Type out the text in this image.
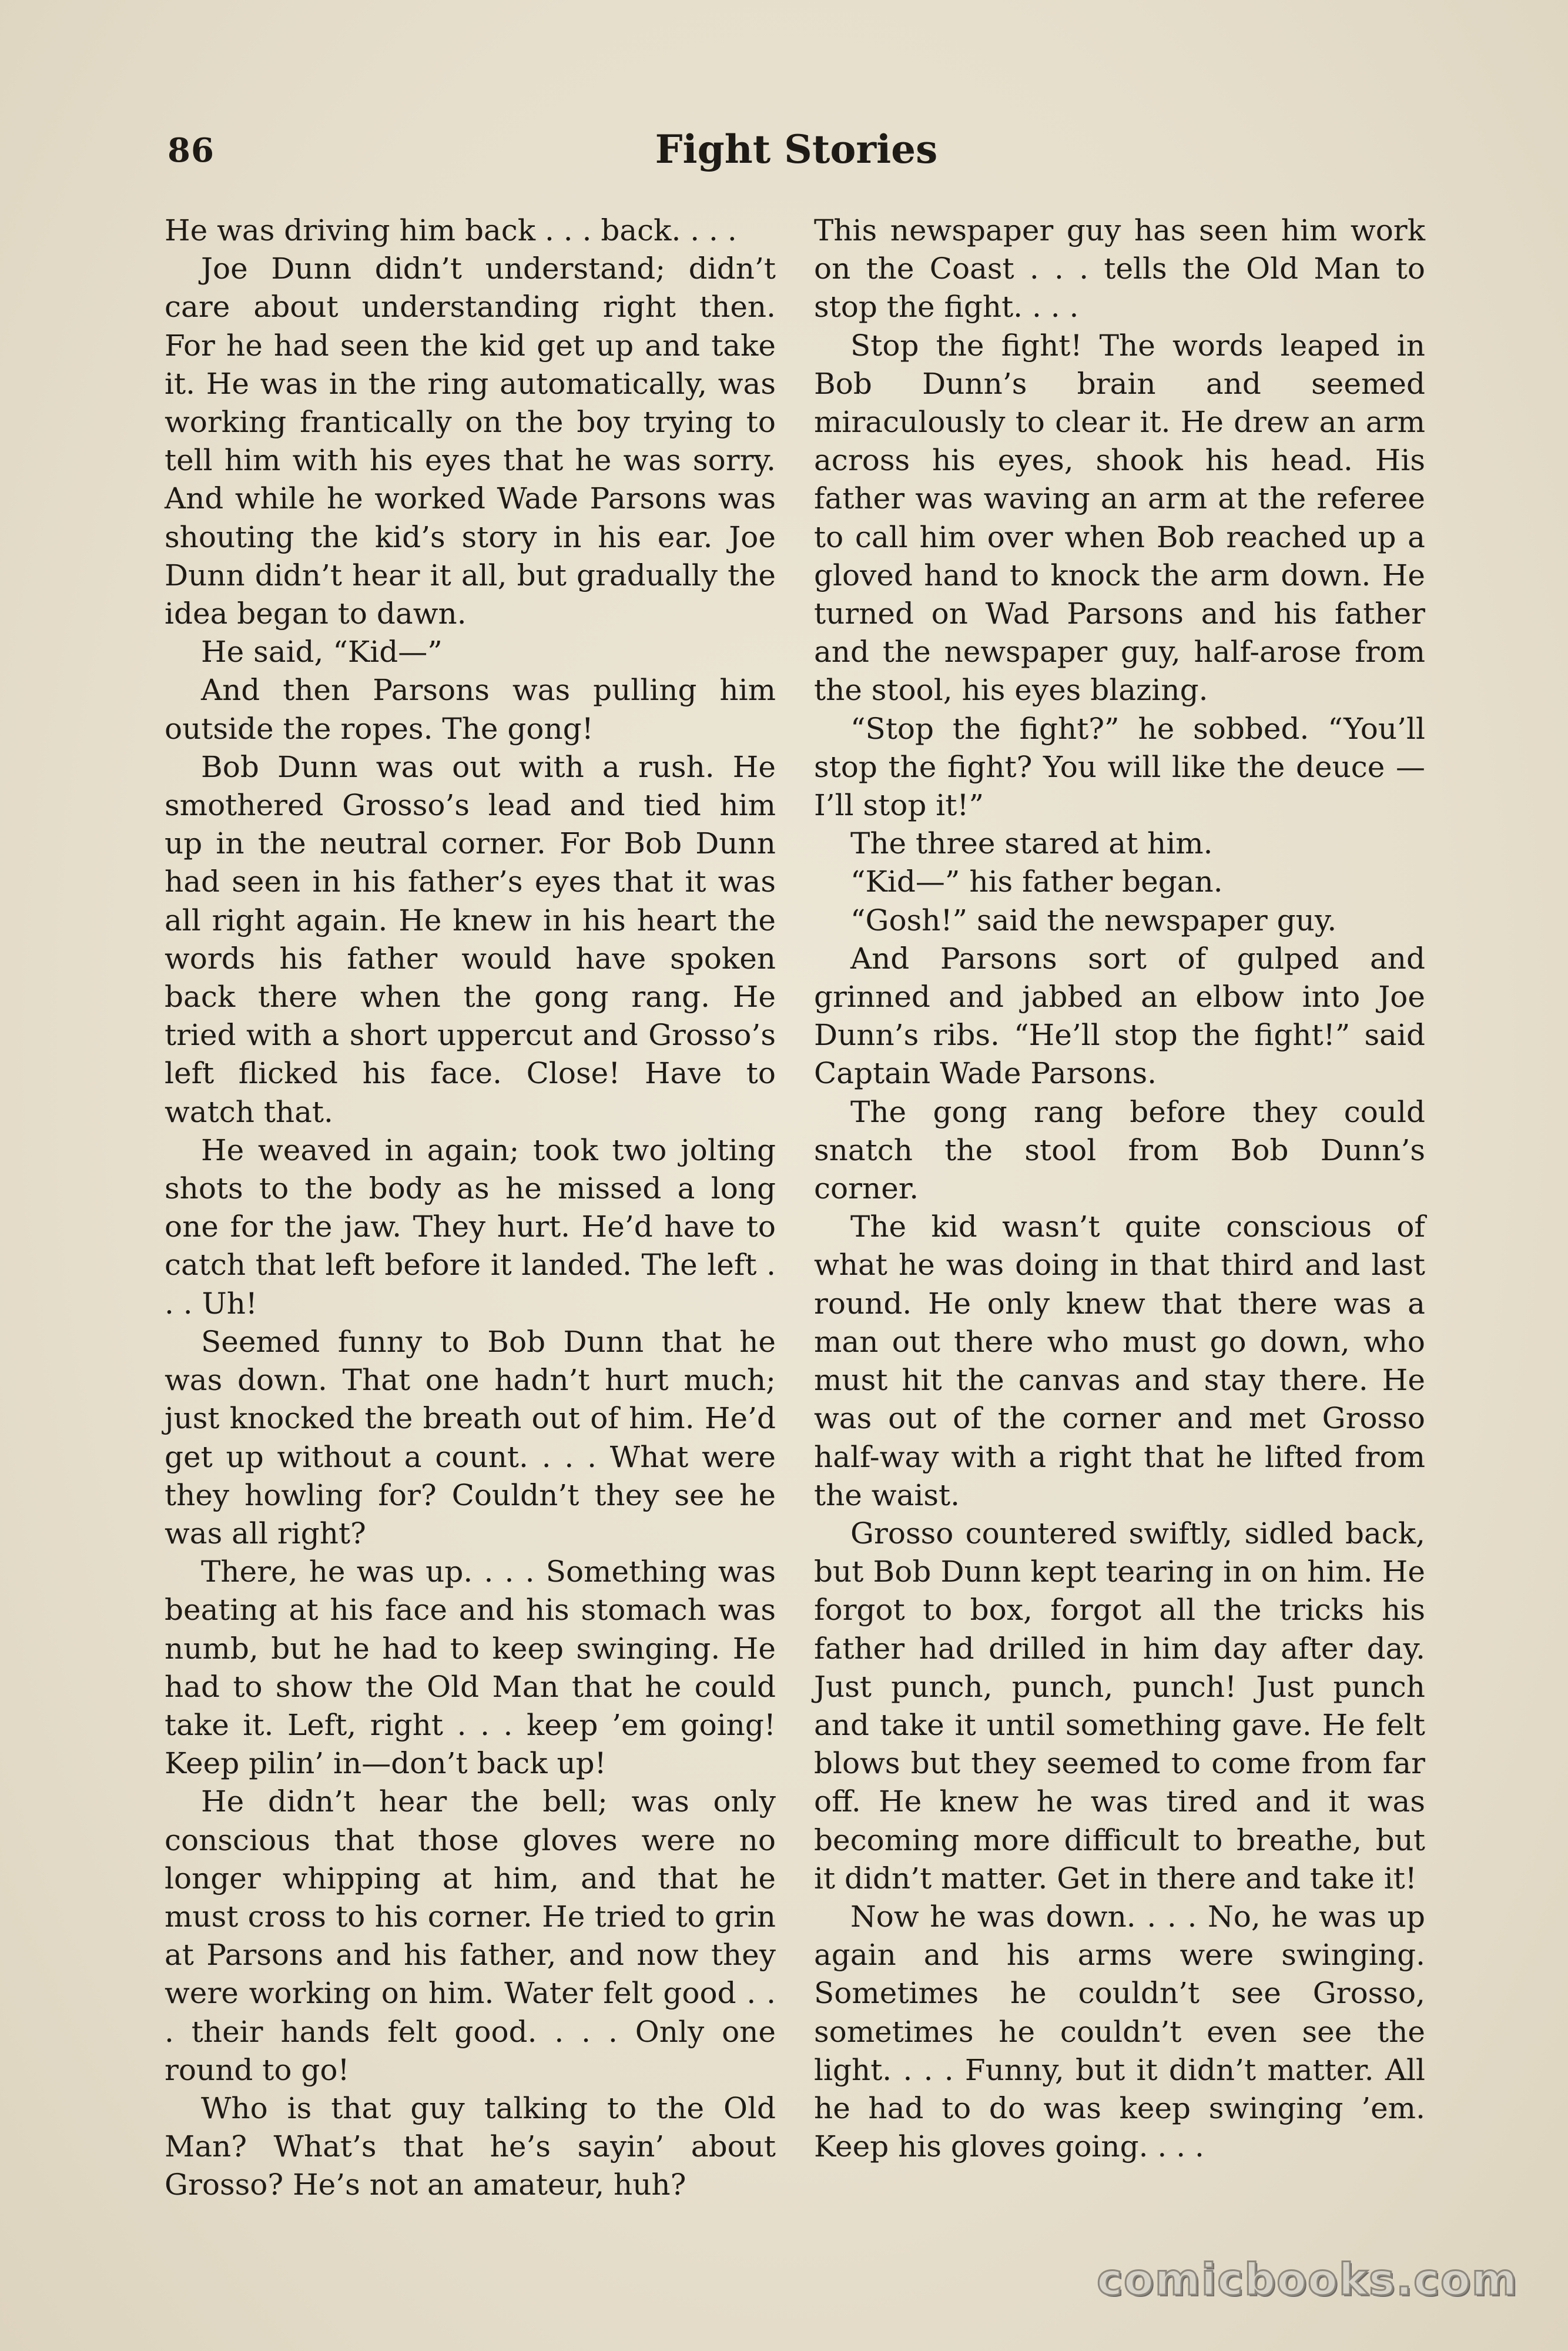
86	Fight Stories

He was driving him back . . . back. . . .

Joe Dunn didn’t understand; didn’t care about understanding right then. For he had seen the kid get up and take it. He was in the ring automatically, was working frantically on the boy trying to tell him with his eyes that he was sorry. And while he worked Wade Parsons was shouting the kid’s story in his ear. Joe Dunn didn’t hear it all, but gradually the idea began to dawn.

He said, “Kid—”

And then Parsons was pulling him outside the ropes. The gong!

Bob Dunn was out with a rush. He smothered Grosso’s lead and tied him up in the neutral corner. For Bob Dunn had seen in his father’s eyes that it was all right again. He knew in his heart the words his father would have spoken back there when the gong rang. He tried with a short uppercut and Grosso’s left flicked his face. Close! Have to watch that.

He weaved in again; took two jolting shots to the body as he missed a long one for the jaw. They hurt. He’d have to catch that left before it landed. The left . . . Uh!

Seemed funny to Bob Dunn that he was down. That one hadn’t hurt much; just knocked the breath out of him. He’d get up without a count. . . . What were they howling for? Couldn’t they see he was all right?

There, he was up. . . . Something was beating at his face and his stomach was numb, but he had to keep swinging. He had to show the Old Man that he could take it. Left, right . . . keep ’em going! Keep pilin’ in—don’t back up!

He didn’t hear the bell; was only conscious that those gloves were no longer whipping at him, and that he must cross to his corner. He tried to grin at Parsons and his father, and now they were working on him. Water felt good . . . their hands felt good. . . . Only one round to go!

Who is that guy talking to the Old Man? What’s that he’s sayin’ about Grosso? He’s not an amateur, huh?

This newspaper guy has seen him work on the Coast . . . tells the Old Man to stop the fight. . . .

Stop the fight! The words leaped in Bob Dunn’s brain and seemed miraculously to clear it. He drew an arm across his eyes, shook his head. His father was waving an arm at the referee to call him over when Bob reached up a gloved hand to knock the arm down. He turned on Wad Parsons and his father and the newspaper guy, half-arose from the stool, his eyes blazing.

“Stop the fight?” he sobbed. “You’ll stop the fight? You will like the deuce —I’ll stop it!”

The three stared at him.

“Kid—” his father began.

“Gosh!” said the newspaper guy.

And Parsons sort of gulped and grinned and jabbed an elbow into Joe Dunn’s ribs. “He’ll stop the fight!” said Captain Wade Parsons.

The gong rang before they could snatch the stool from Bob Dunn’s corner.

The kid wasn’t quite conscious of what he was doing in that third and last round. He only knew that there was a man out there who must go down, who must hit the canvas and stay there. He was out of the corner and met Grosso half-way with a right that he lifted from the waist.

Grosso countered swiftly, sidled back, but Bob Dunn kept tearing in on him. He forgot to box, forgot all the tricks his father had drilled in him day after day. Just punch, punch, punch! Just punch and take it until something gave. He felt blows but they seemed to come from far off. He knew he was tired and it was becoming more difficult to breathe, but it didn’t matter. Get in there and take it!

Now he was down. . . . No, he was up again and his arms were swinging. Sometimes he couldn’t see Grosso, sometimes he couldn’t even see the light. . . . Funny, but it didn’t matter. All he had to do was keep swinging ’em. Keep his gloves going. . . .

comicbooks.com
